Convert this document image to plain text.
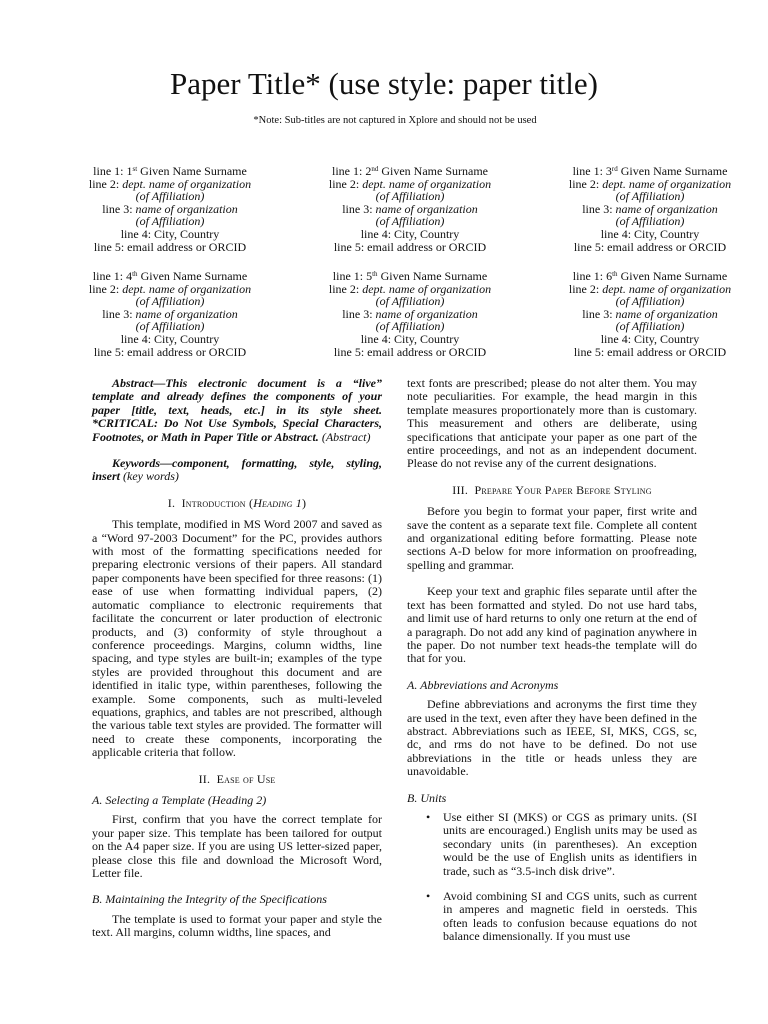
Paper Title* (use style: paper title)
*Note: Sub-titles are not captured in Xplore and should not be used
line 1: 1st Given Name Surname
line 2: dept. name of organization
(of Affiliation)
line 3: name of organization
(of Affiliation)
line 4: City, Country
line 5: email address or ORCID
line 1: 2nd Given Name Surname
line 2: dept. name of organization
(of Affiliation)
line 3: name of organization
(of Affiliation)
line 4: City, Country
line 5: email address or ORCID
line 1: 3rd Given Name Surname
line 2: dept. name of organization
(of Affiliation)
line 3: name of organization
(of Affiliation)
line 4: City, Country
line 5: email address or ORCID
line 1: 4th Given Name Surname
line 2: dept. name of organization
(of Affiliation)
line 3: name of organization
(of Affiliation)
line 4: City, Country
line 5: email address or ORCID
line 1: 5th Given Name Surname
line 2: dept. name of organization
(of Affiliation)
line 3: name of organization
(of Affiliation)
line 4: City, Country
line 5: email address or ORCID
line 1: 6th Given Name Surname
line 2: dept. name of organization
(of Affiliation)
line 3: name of organization
(of Affiliation)
line 4: City, Country
line 5: email address or ORCID

Abstract—This electronic document is a “live” template and already defines the components of your paper [title, text, heads, etc.] in its style sheet. *CRITICAL: Do Not Use Symbols, Special Characters, Footnotes, or Math in Paper Title or Abstract. (Abstract)

Keywords—component, formatting, style, styling, insert (key words)

I. Introduction (Heading 1)

This template, modified in MS Word 2007 and saved as a “Word 97-2003 Document” for the PC, provides authors with most of the formatting specifications needed for preparing electronic versions of their papers. All standard paper components have been specified for three reasons: (1) ease of use when formatting individual papers, (2) automatic compliance to electronic requirements that facilitate the concurrent or later production of electronic products, and (3) conformity of style throughout a conference proceedings. Margins, column widths, line spacing, and type styles are built-in; examples of the type styles are provided throughout this document and are identified in italic type, within parentheses, following the example. Some components, such as multi-leveled equations, graphics, and tables are not prescribed, although the various table text styles are provided. The formatter will need to create these components, incorporating the applicable criteria that follow.

II. Ease of Use
A. Selecting a Template (Heading 2)

First, confirm that you have the correct template for your paper size. This template has been tailored for output on the A4 paper size. If you are using US letter-sized paper, please close this file and download the Microsoft Word, Letter file.

B. Maintaining the Integrity of the Specifications

The template is used to format your paper and style the text. All margins, column widths, line spaces, and

text fonts are prescribed; please do not alter them. You may note peculiarities. For example, the head margin in this template measures proportionately more than is customary. This measurement and others are deliberate, using specifications that anticipate your paper as one part of the entire proceedings, and not as an independent document. Please do not revise any of the current designations.

III. Prepare Your Paper Before Styling

Before you begin to format your paper, first write and save the content as a separate text file. Complete all content and organizational editing before formatting. Please note sections A-D below for more information on proofreading, spelling and grammar.

Keep your text and graphic files separate until after the text has been formatted and styled. Do not use hard tabs, and limit use of hard returns to only one return at the end of a paragraph. Do not add any kind of pagination anywhere in the paper. Do not number text heads-the template will do that for you.

A. Abbreviations and Acronyms

Define abbreviations and acronyms the first time they are used in the text, even after they have been defined in the abstract. Abbreviations such as IEEE, SI, MKS, CGS, sc, dc, and rms do not have to be defined. Do not use abbreviations in the title or heads unless they are unavoidable.

B. Units
• Use either SI (MKS) or CGS as primary units. (SI units are encouraged.) English units may be used as secondary units (in parentheses). An exception would be the use of English units as identifiers in trade, such as “3.5-inch disk drive”.
• Avoid combining SI and CGS units, such as current in amperes and magnetic field in oersteds. This often leads to confusion because equations do not balance dimensionally. If you must use
